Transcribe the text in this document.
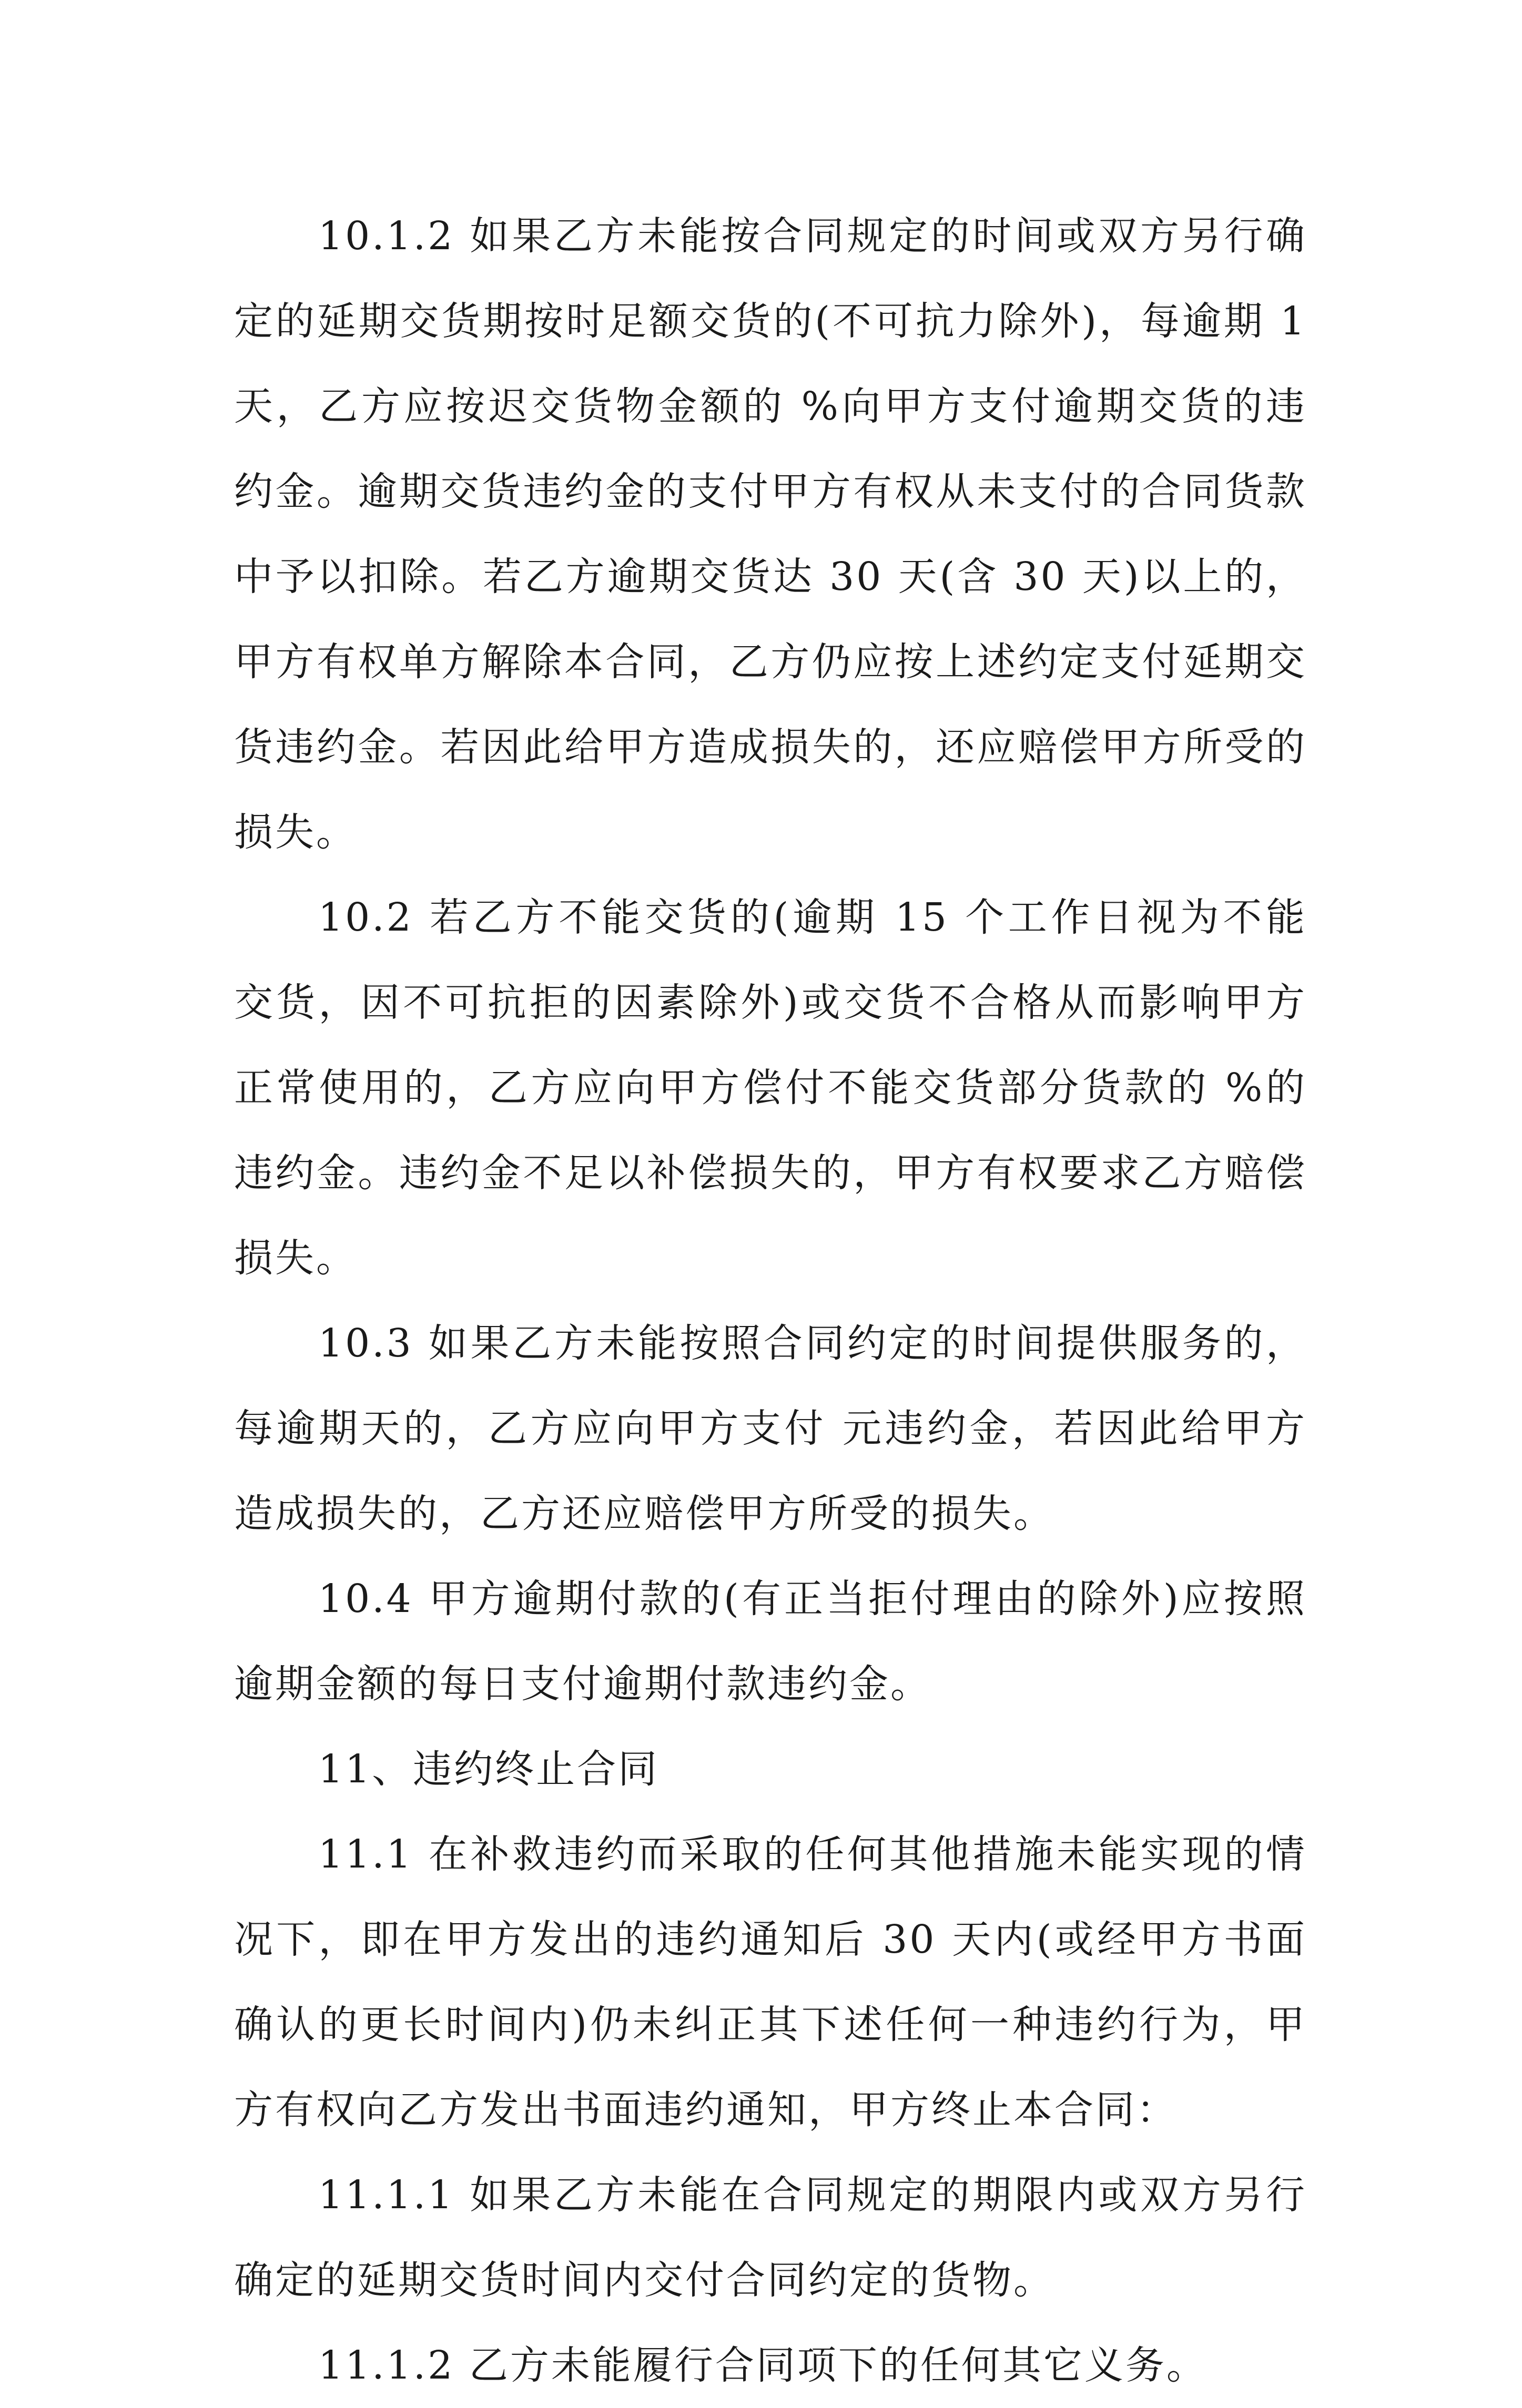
10.1.2 如果乙方未能按合同规定的时间或双方另行确定的延期交货期按时足额交货的(不可抗力除外)，每逾期 1 天，乙方应按迟交货物金额的 %向甲方支付逾期交货的违约金。逾期交货违约金的支付甲方有权从未支付的合同货款中予以扣除。若乙方逾期交货达 30 天(含 30 天)以上的，甲方有权单方解除本合同，乙方仍应按上述约定支付延期交货违约金。若因此给甲方造成损失的，还应赔偿甲方所受的损失。

10.2 若乙方不能交货的(逾期 15 个工作日视为不能交货，因不可抗拒的因素除外)或交货不合格从而影响甲方正常使用的，乙方应向甲方偿付不能交货部分货款的 %的违约金。违约金不足以补偿损失的，甲方有权要求乙方赔偿损失。

10.3 如果乙方未能按照合同约定的时间提供服务的，每逾期天的，乙方应向甲方支付 元违约金，若因此给甲方造成损失的，乙方还应赔偿甲方所受的损失。

10.4 甲方逾期付款的(有正当拒付理由的除外)应按照逾期金额的每日支付逾期付款违约金。

11、违约终止合同

11.1 在补救违约而采取的任何其他措施未能实现的情况下，即在甲方发出的违约通知后 30 天内(或经甲方书面确认的更长时间内)仍未纠正其下述任何一种违约行为，甲方有权向乙方发出书面违约通知，甲方终止本合同：

11.1.1 如果乙方未能在合同规定的期限内或双方另行确定的延期交货时间内交付合同约定的货物。

11.1.2 乙方未能履行合同项下的任何其它义务。
